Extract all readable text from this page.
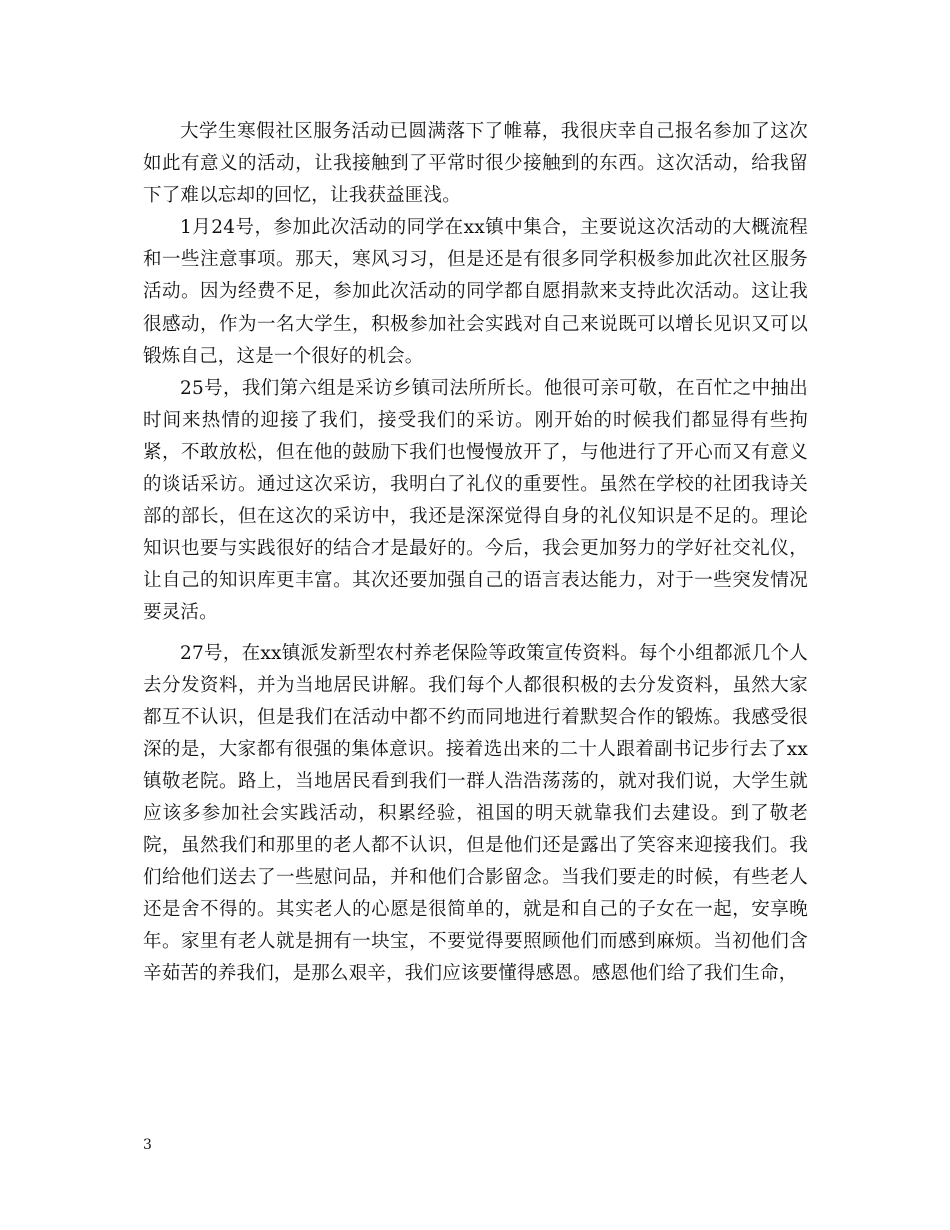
大学生寒假社区服务活动已圆满落下了帷幕，我很庆幸自己报名参加了这次如此有意义的活动，让我接触到了平常时很少接触到的东西。这次活动，给我留下了难以忘却的回忆，让我获益匪浅。

1月24号，参加此次活动的同学在xx镇中集合，主要说这次活动的大概流程和一些注意事项。那天，寒风习习，但是还是有很多同学积极参加此次社区服务活动。因为经费不足，参加此次活动的同学都自愿捐款来支持此次活动。这让我很感动，作为一名大学生，积极参加社会实践对自己来说既可以增长见识又可以锻炼自己，这是一个很好的机会。

25号，我们第六组是采访乡镇司法所所长。他很可亲可敬，在百忙之中抽出时间来热情的迎接了我们，接受我们的采访。刚开始的时候我们都显得有些拘紧，不敢放松，但在他的鼓励下我们也慢慢放开了，与他进行了开心而又有意义的谈话采访。通过这次采访，我明白了礼仪的重要性。虽然在学校的社团我诗关部的部长，但在这次的采访中，我还是深深觉得自身的礼仪知识是不足的。理论知识也要与实践很好的结合才是最好的。今后，我会更加努力的学好社交礼仪，让自己的知识库更丰富。其次还要加强自己的语言表达能力，对于一些突发情况要灵活。

27号，在xx镇派发新型农村养老保险等政策宣传资料。每个小组都派几个人去分发资料，并为当地居民讲解。我们每个人都很积极的去分发资料，虽然大家都互不认识，但是我们在活动中都不约而同地进行着默契合作的锻炼。我感受很深的是，大家都有很强的集体意识。接着选出来的二十人跟着副书记步行去了xx镇敬老院。路上，当地居民看到我们一群人浩浩荡荡的，就对我们说，大学生就应该多参加社会实践活动，积累经验，祖国的明天就靠我们去建设。到了敬老院，虽然我们和那里的老人都不认识，但是他们还是露出了笑容来迎接我们。我们给他们送去了一些慰问品，并和他们合影留念。当我们要走的时候，有些老人还是舍不得的。其实老人的心愿是很简单的，就是和自己的子女在一起，安享晚年。家里有老人就是拥有一块宝，不要觉得要照顾他们而感到麻烦。当初他们含辛茹苦的养我们，是那么艰辛，我们应该要懂得感恩。感恩他们给了我们生命，

3
